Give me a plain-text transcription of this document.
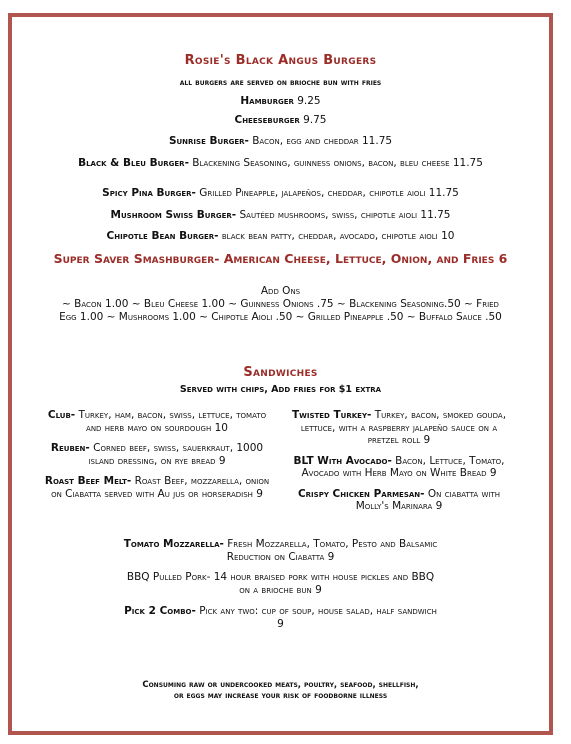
Rosie's Black Angus Burgers
all burgers are served on brioche bun with fries
Hamburger 9.25
Cheeseburger 9.75
Sunrise Burger- Bacon, egg and cheddar 11.75
Black & Bleu Burger- Blackening Seasoning, guinness onions, bacon, bleu cheese 11.75
Spicy Pina Burger- Grilled Pineapple, jalapeños, cheddar, chipotle aioli 11.75
Mushroom Swiss Burger- Sautéed mushrooms, swiss, chipotle aioli 11.75
Chipotle Bean Burger- black bean patty, cheddar, avocado, chipotle aioli 10
Super Saver Smashburger- American Cheese, Lettuce, Onion, and Fries 6
Add Ons
~ Bacon 1.00 ~ Bleu Cheese 1.00 ~ Guinness Onions .75 ~ Blackening Seasoning.50 ~ Fried Egg 1.00 ~ Mushrooms 1.00 ~ Chipotle Aioli .50 ~ Grilled Pineapple .50 ~ Buffalo Sauce .50
Sandwiches
Served with chips, Add fries for $1 extra
Club- Turkey, ham, bacon, swiss, lettuce, tomato and herb mayo on sourdough 10
Reuben- Corned beef, swiss, sauerkraut, 1000 island dressing, on rye bread 9
Roast Beef Melt- Roast Beef, mozzarella, onion on Ciabatta served with Au jus or horseradish 9
Twisted Turkey- Turkey, bacon, smoked gouda, lettuce, with a raspberry jalapeño sauce on a pretzel roll 9
BLT With Avocado- Bacon, Lettuce, Tomato, Avocado with Herb Mayo on White Bread 9
Crispy Chicken Parmesan- On ciabatta with Molly's Marinara 9
Tomato Mozzarella- Fresh Mozzarella, Tomato, Pesto and Balsamic Reduction on Ciabatta 9
BBQ Pulled Pork- 14 hour braised pork with house pickles and BBQ on a brioche bun 9
Pick 2 Combo- Pick any two: cup of soup, house salad, half sandwich 9
Consuming raw or undercooked meats, poultry, seafood, shellfish,
or eggs may increase your risk of foodborne illness
